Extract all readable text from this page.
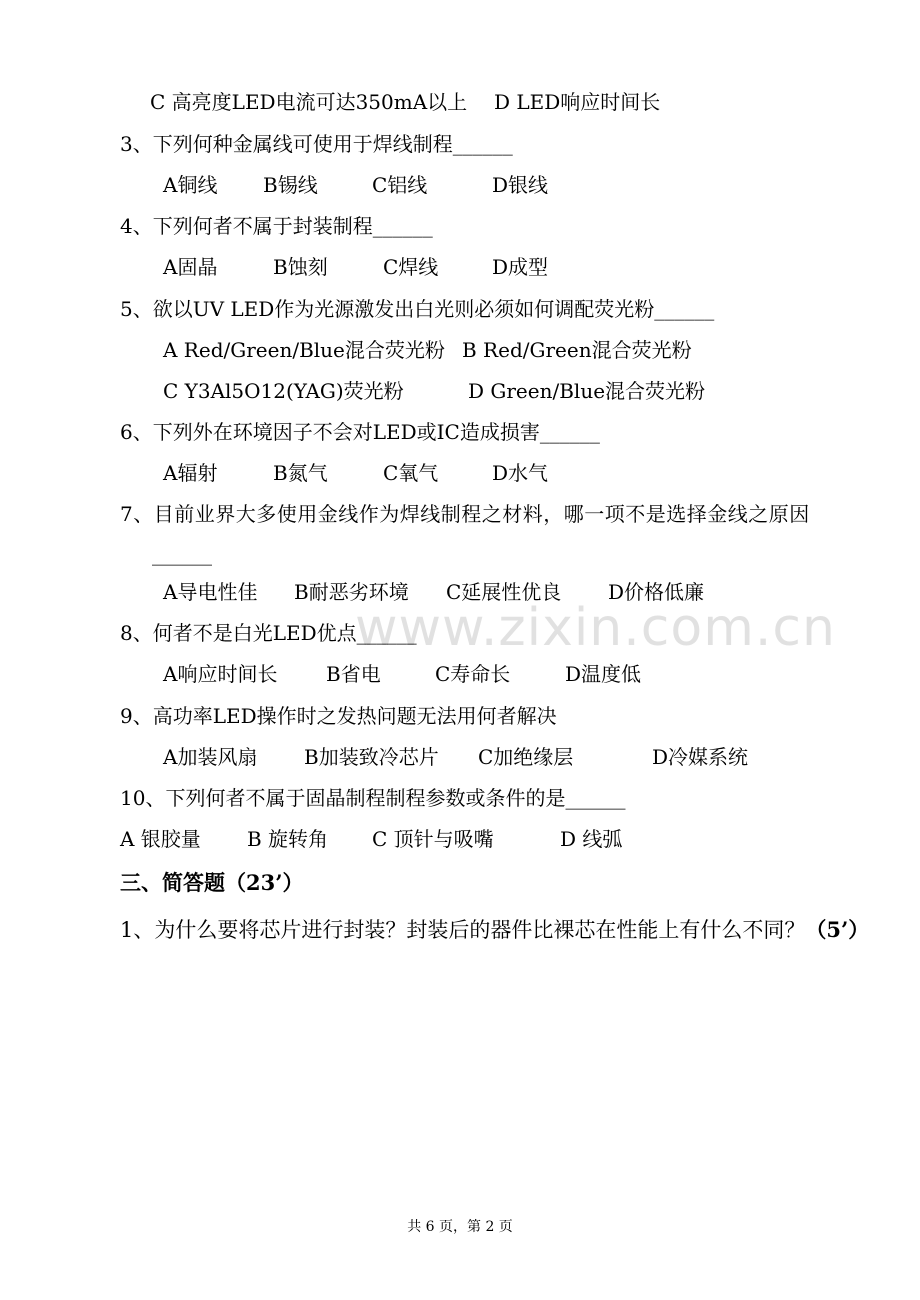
www.zixin.com.cn
C 高亮度LED电流可达350mA以上 D LED响应时间长
3、下列何种金属线可使用于焊线制程______
A铜线 B锡线	C铝线	D银线
4、下列何者不属于封装制程______
A固晶	B蚀刻	C焊线	D成型
5、欲以UV LED作为光源激发出白光则必须如何调配荧光粉______
A Red/Green/Blue混合荧光粉 B Red/Green混合荧光粉
C Y3Al5O12(YAG)荧光粉	D Green/Blue混合荧光粉
6、下列外在环境因子不会对LED或IC造成损害______
A辐射	B氮气	C氧气	D水气
7、目前业界大多使用金线作为焊线制程之材料，哪一项不是选择金线之原因
______
A导电性佳 B耐恶劣环境 C延展性优良 D价格低廉
8、何者不是白光LED优点______
A响应时间长 B省电	C寿命长	D温度低
9、高功率LED操作时之发热问题无法用何者解决
A加装风扇 B加装致冷芯片 C加绝缘层	D冷媒系统
10、下列何者不属于固晶制程制程参数或条件的是______
A 银胶量 B 旋转角 C 顶针与吸嘴	D 线弧
三、简答题（23’）
1、为什么要将芯片进行封装？封装后的器件比裸芯在性能上有什么不同？（5’）
共 6 页，第 2 页
